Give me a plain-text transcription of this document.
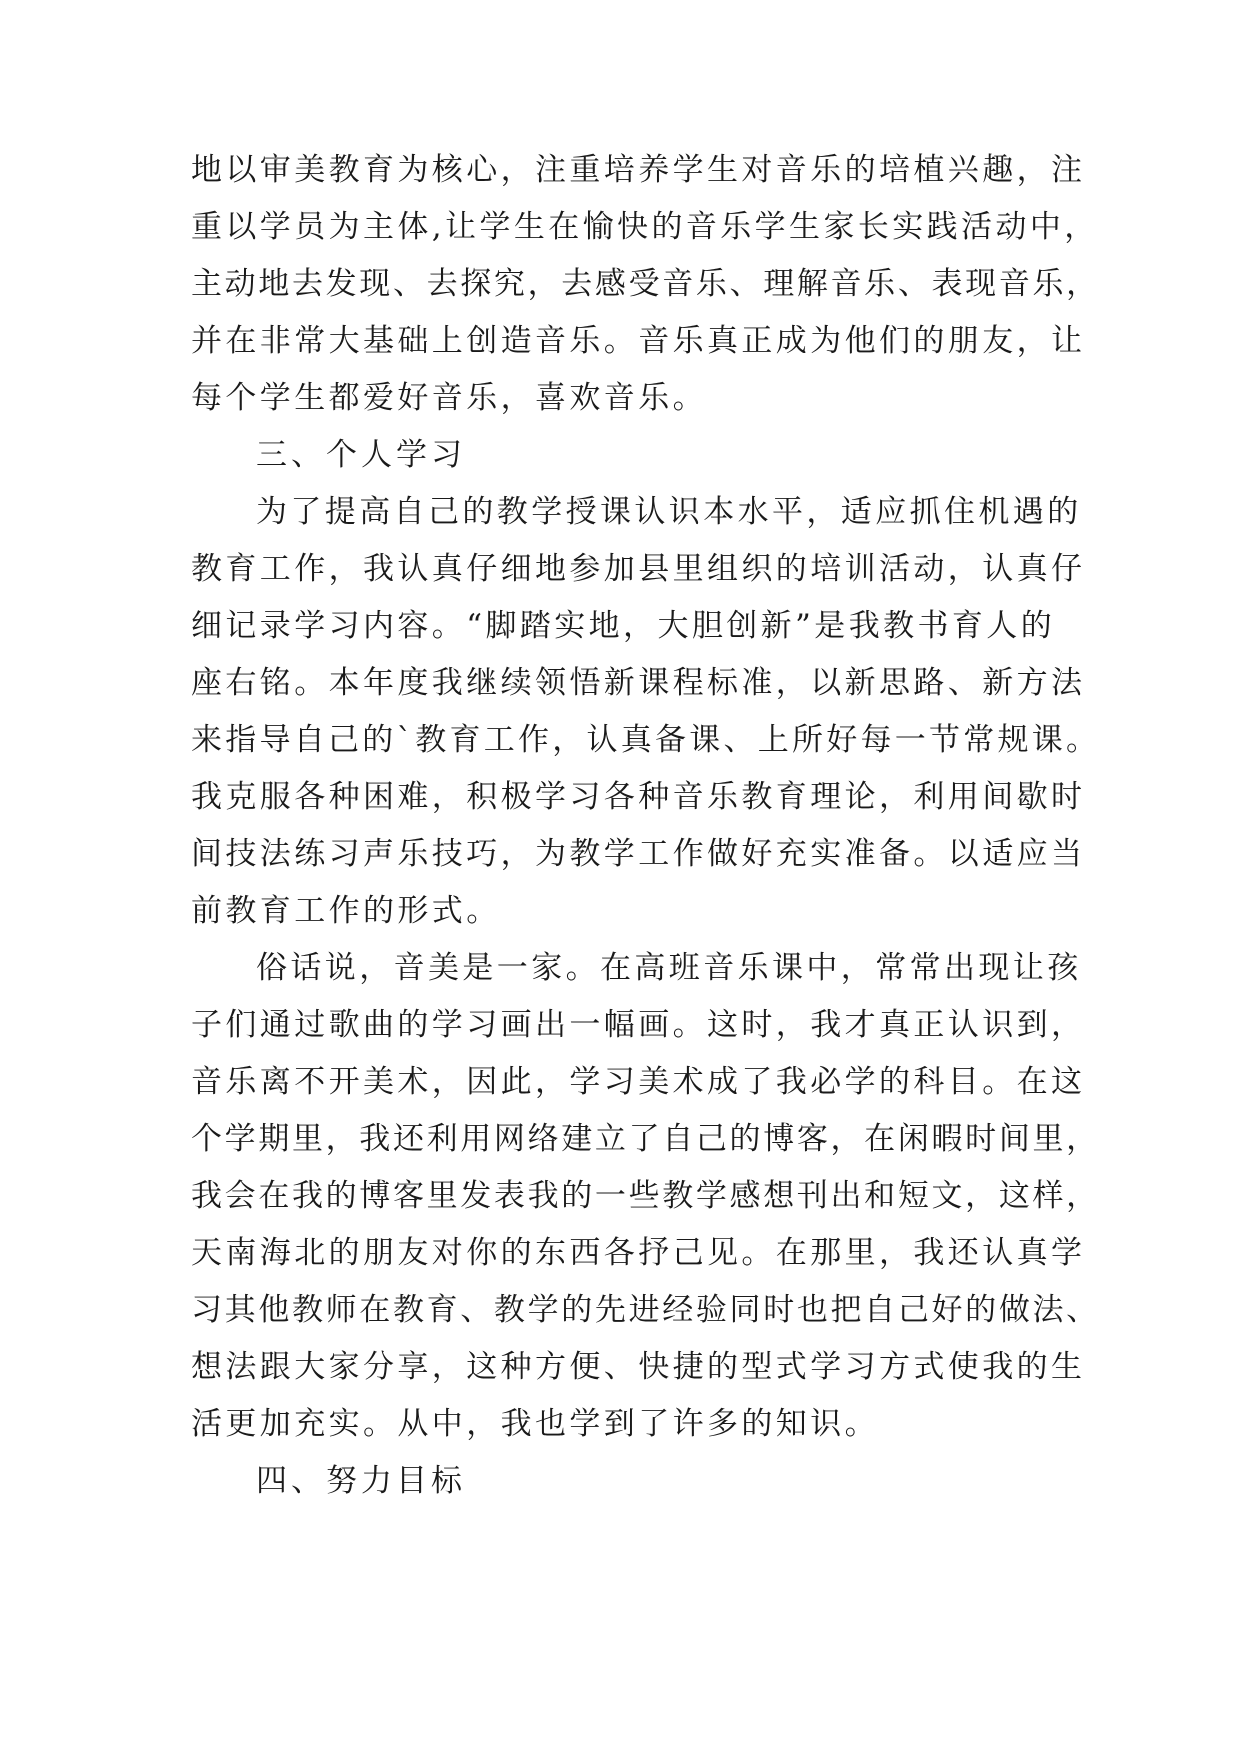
地以审美教育为核心，注重培养学生对音乐的培植兴趣，注
重以学员为主体,让学生在愉快的音乐学生家长实践活动中，
主动地去发现、去探究，去感受音乐、理解音乐、表现音乐，
并在非常大基础上创造音乐。音乐真正成为他们的朋友，让
每个学生都爱好音乐，喜欢音乐。
三、个人学习
为了提高自己的教学授课认识本水平，适应抓住机遇的
教育工作，我认真仔细地参加县里组织的培训活动，认真仔
细记录学习内容。“脚踏实地，大胆创新”是我教书育人的
座右铭。本年度我继续领悟新课程标准，以新思路、新方法
来指导自己的`教育工作，认真备课、上所好每一节常规课。
我克服各种困难，积极学习各种音乐教育理论，利用间歇时
间技法练习声乐技巧，为教学工作做好充实准备。以适应当
前教育工作的形式。
俗话说，音美是一家。在高班音乐课中，常常出现让孩
子们通过歌曲的学习画出一幅画。这时，我才真正认识到，
音乐离不开美术，因此，学习美术成了我必学的科目。在这
个学期里，我还利用网络建立了自己的博客，在闲暇时间里，
我会在我的博客里发表我的一些教学感想刊出和短文，这样，
天南海北的朋友对你的东西各抒己见。在那里，我还认真学
习其他教师在教育、教学的先进经验同时也把自己好的做法、
想法跟大家分享，这种方便、快捷的型式学习方式使我的生
活更加充实。从中，我也学到了许多的知识。
四、努力目标
